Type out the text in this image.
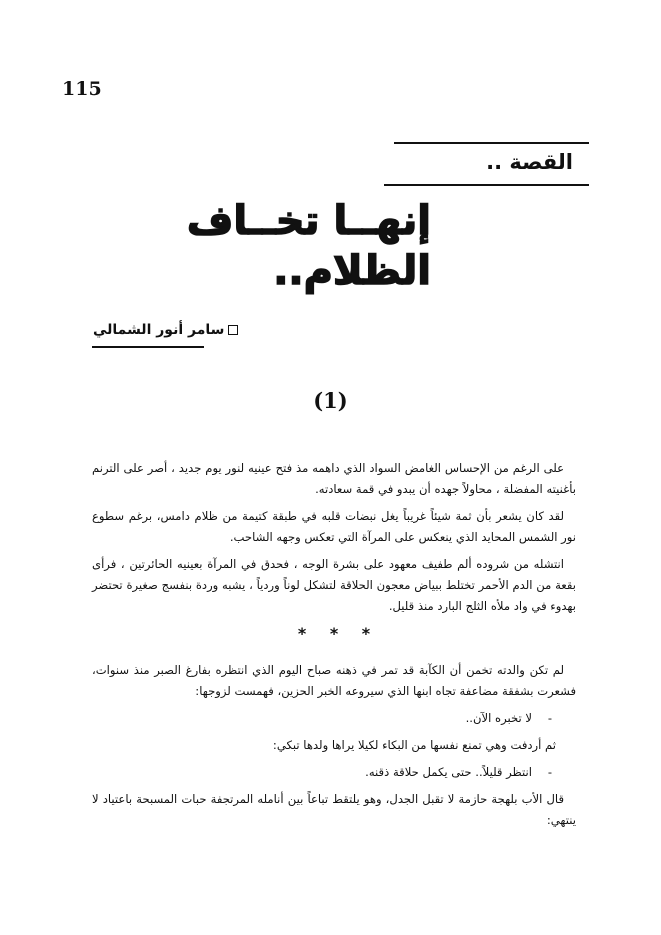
115
القصة ..
إنهــا تخــاف
الظلام..
سامر أنور الشمالي
(1)

على الرغم من الإحساس الغامض السواد الذي داهمه مذ فتح عينيه لنور يوم جديد ، أصر على الترنم بأغنيته المفضلة ، محاولاً جهده أن يبدو في قمة سعادته.

لقد كان يشعر بأن ثمة شيئاً غريباً يغل نبضات قلبه في طبقة كتيمة من ظلام دامس، برغم سطوع نور الشمس المحايد الذي ينعكس على المرآة التي تعكس وجهه الشاحب.

انتشله من شروده ألم طفيف معهود على بشرة الوجه ، فحدق في المرآة بعينيه الحائرتين ، فرأى بقعة من الدم الأحمر تختلط ببياض معجون الحلاقة لتشكل لوناً وردياً ، يشبه وردة بنفسج صغيرة تحتضر بهدوء في واد ملأه الثلج البارد منذ قليل.

* * *

لم تكن والدته تخمن أن الكآبة قد تمر في ذهنه صباح اليوم الذي انتظره بفارغ الصبر منذ سنوات، فشعرت بشفقة مضاعفة تجاه ابنها الذي سيروعه الخبر الحزين، فهمست لزوجها:

-لا تخبره الآن..

ثم أردفت وهي تمنع نفسها من البكاء لكيلا يراها ولدها تبكي:

-انتظر قليلاً.. حتى يكمل حلاقة ذقنه.

قال الأب بلهجة حازمة لا تقبل الجدل، وهو يلتقط تباعاً بين أنامله المرتجفة حبات المسبحة باعتياد لا ينتهي:
